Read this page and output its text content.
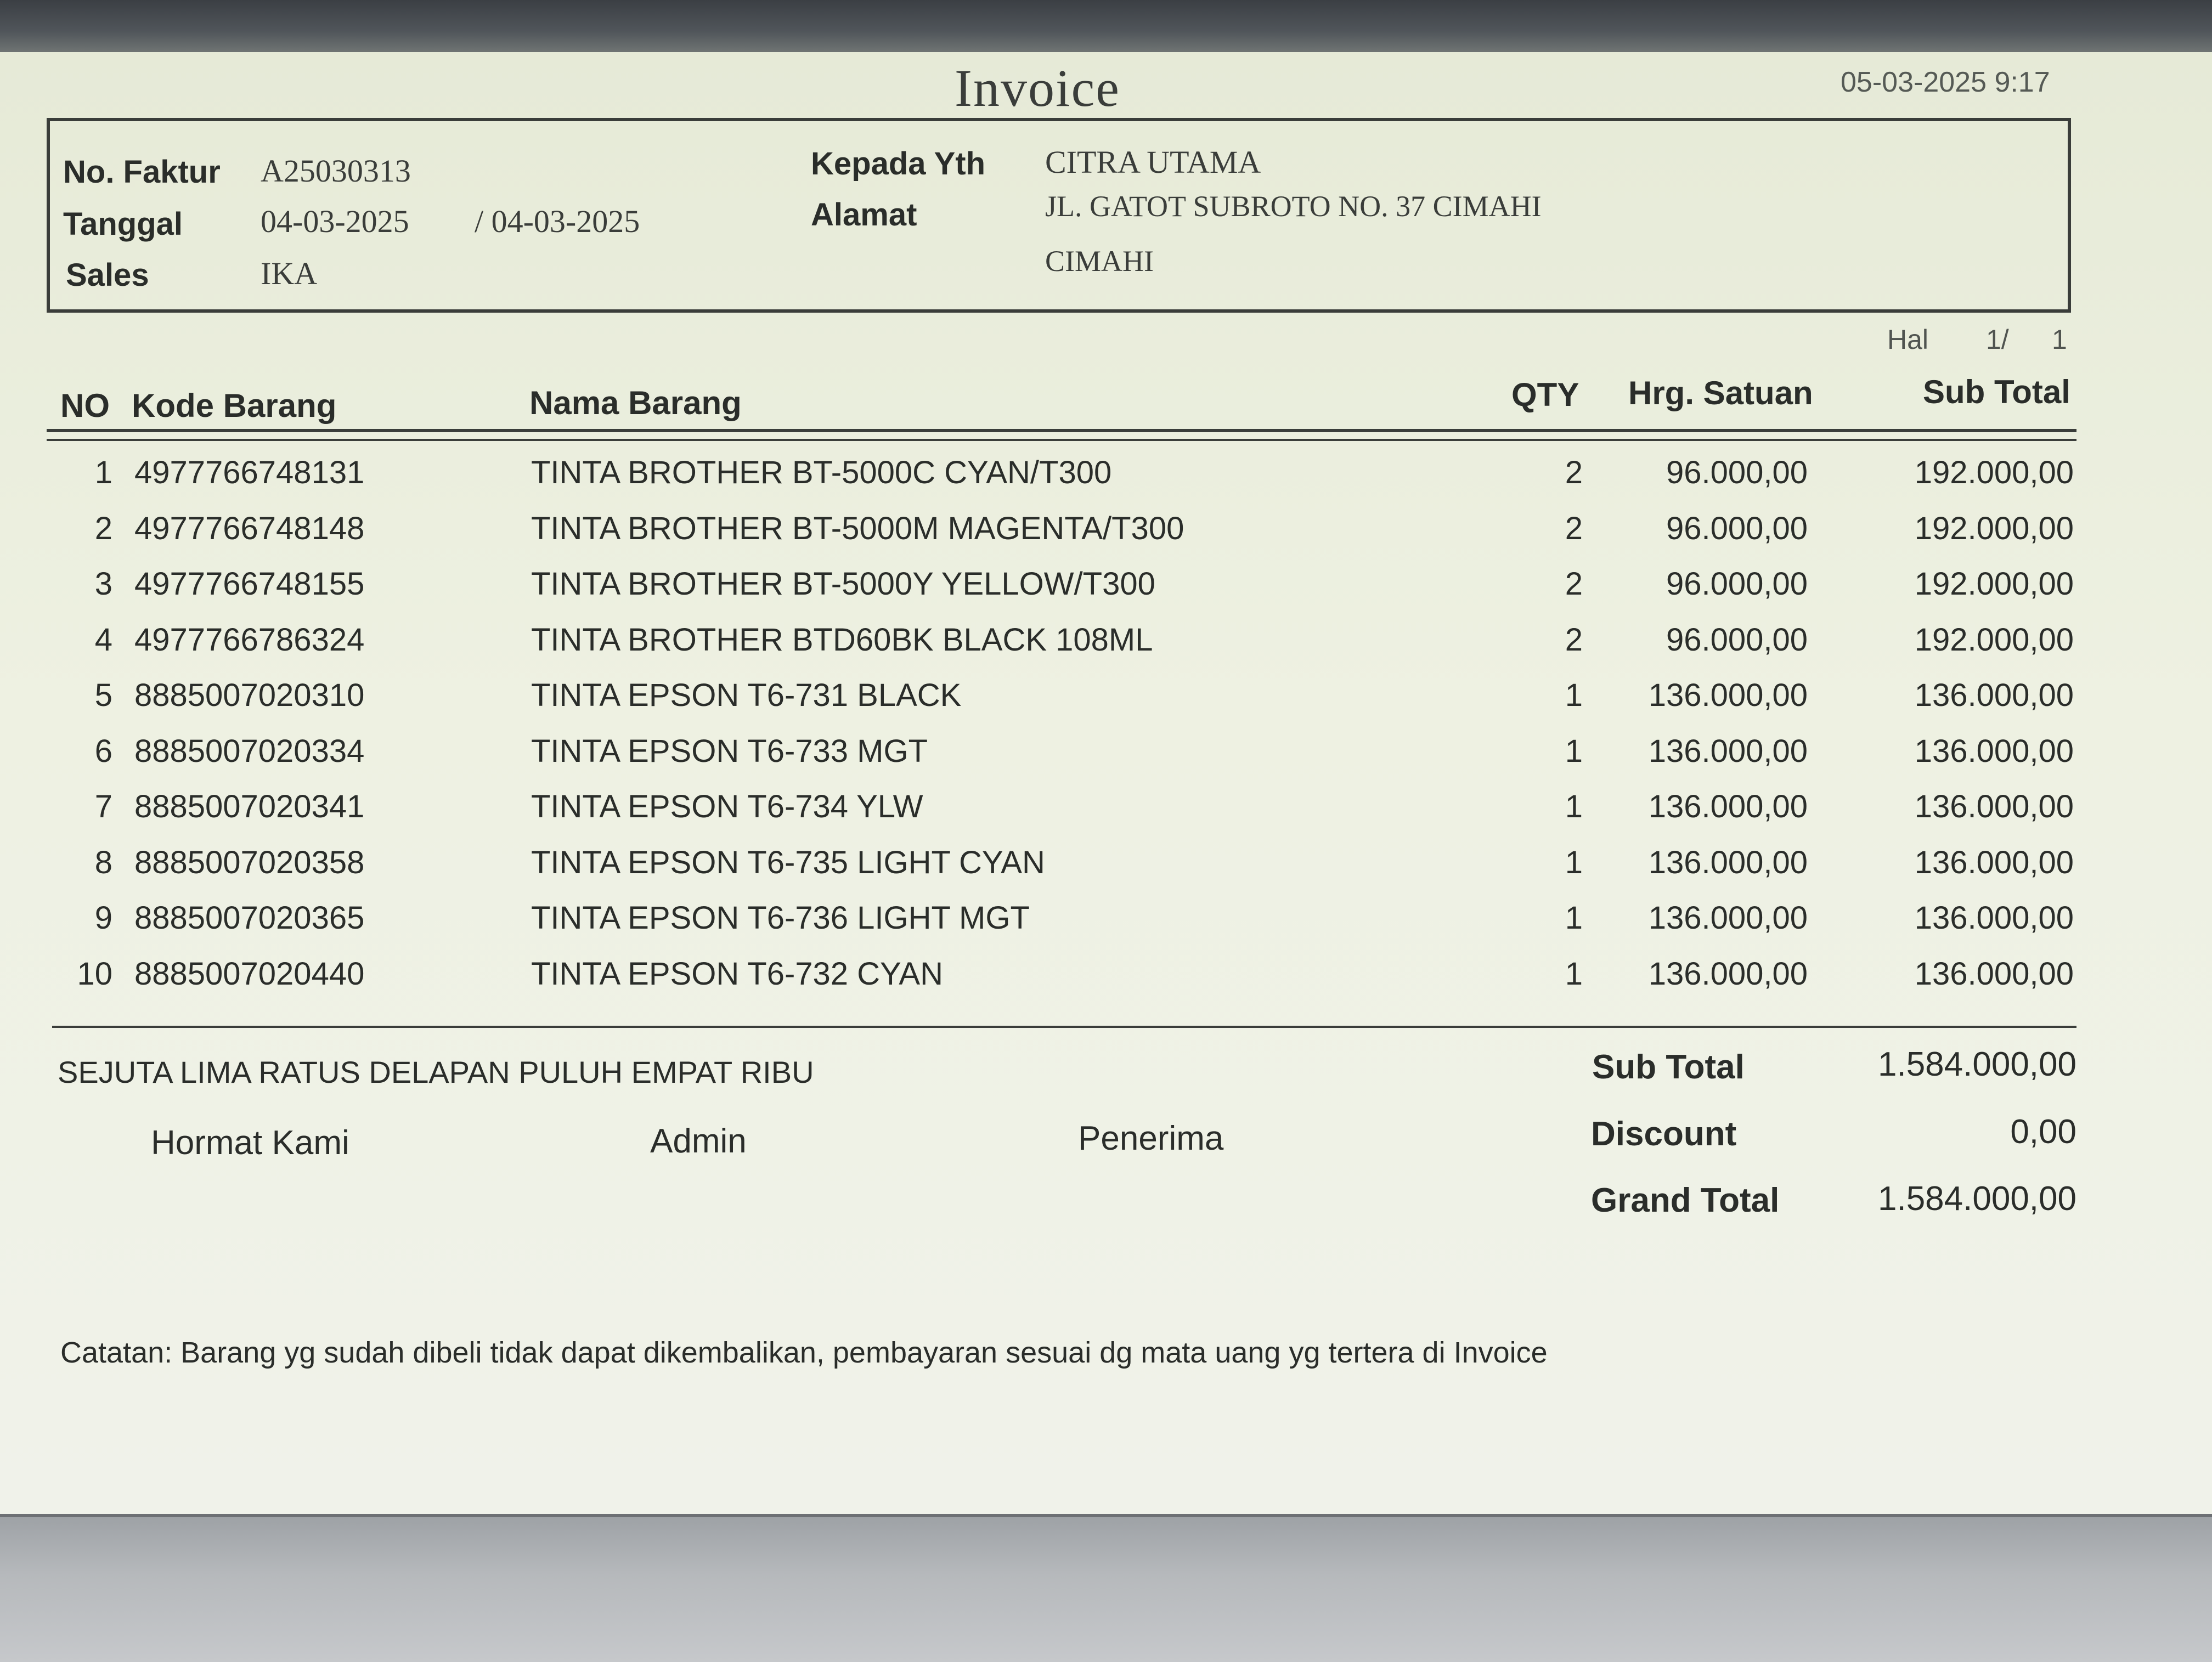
Invoice	05-03-2025 9:17
No. Faktur A25030313
Tanggal 04-03-2025 / 04-03-2025
Sales	IKA
Kepada Yth CITRA UTAMA
Alamat	JL. GATOT SUBROTO NO. 37 CIMAHI
CIMAHI
Hal 1/ 1
NO Kode Barang	Nama Barang	QTY Hrg. Satuan	Sub Total
1 4977766748131	TINTA BROTHER BT-5000C CYAN/T300	2	96.000,00	192.000,00
2 4977766748148	TINTA BROTHER BT-5000M MAGENTA/T300	2	96.000,00	192.000,00
3 4977766748155	TINTA BROTHER BT-5000Y YELLOW/T300	2	96.000,00	192.000,00
4 4977766786324	TINTA BROTHER BTD60BK BLACK 108ML	2	96.000,00	192.000,00
5 8885007020310	TINTA EPSON T6-731 BLACK	1 136.000,00	136.000,00
6 8885007020334	TINTA EPSON T6-733 MGT	1 136.000,00	136.000,00
7 8885007020341	TINTA EPSON T6-734 YLW	1 136.000,00	136.000,00
8 8885007020358	TINTA EPSON T6-735 LIGHT CYAN	1 136.000,00	136.000,00
9 8885007020365	TINTA EPSON T6-736 LIGHT MGT	1 136.000,00	136.000,00
10 8885007020440	TINTA EPSON T6-732 CYAN	1 136.000,00	136.000,00
SEJUTA LIMA RATUS DELAPAN PULUH EMPAT RIBU	Sub Total	1.584.000,00
Discount	0,00
Grand Total	1.584.000,00
Hormat Kami	Admin	Penerima
Catatan: Barang yg sudah dibeli tidak dapat dikembalikan, pembayaran sesuai dg mata uang yg tertera di Invoice
